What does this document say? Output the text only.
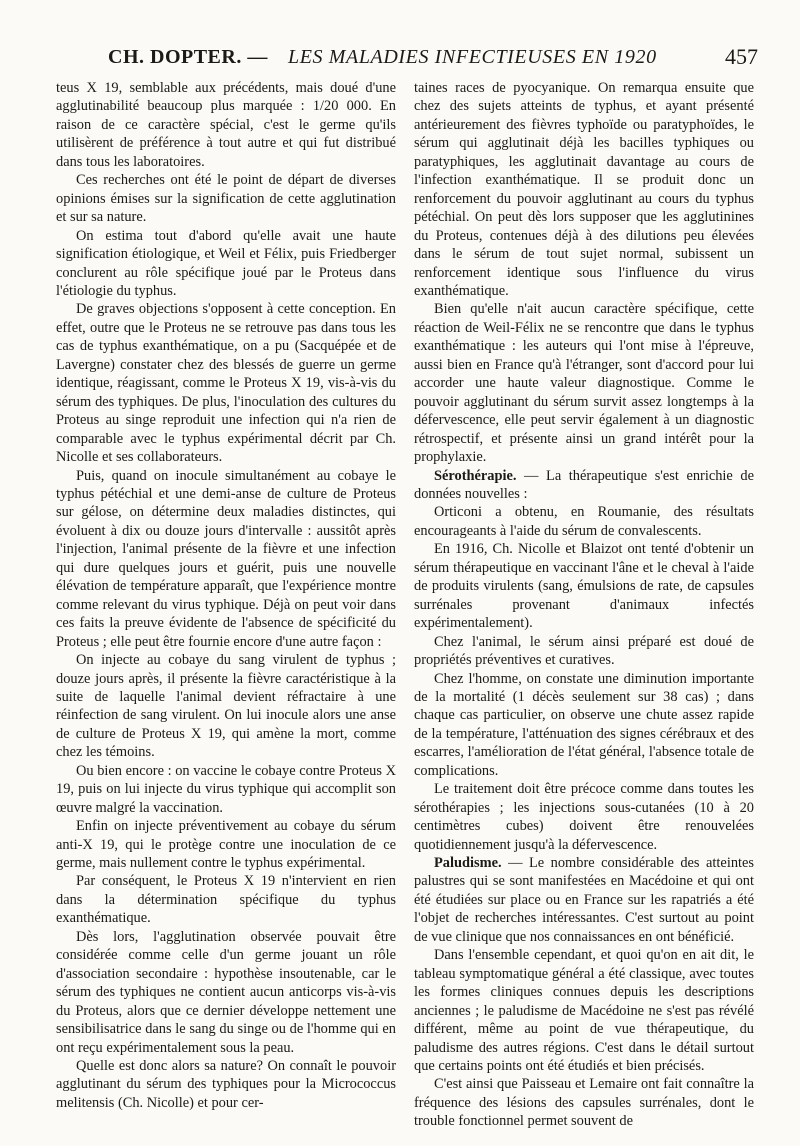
CH. DOPTER. — LES MALADIES INFECTIEUSES EN 1920	457

teus X 19, semblable aux précédents, mais doué d'une agglutinabilité beaucoup plus marquée : 1/20 000. En raison de ce caractère spécial, c'est le germe qu'ils utilisèrent de préférence à tout autre et qui fut distribué dans tous les laboratoires.

Ces recherches ont été le point de départ de diverses opinions émises sur la signification de cette agglutination et sur sa nature.

On estima tout d'abord qu'elle avait une haute signification étiologique, et Weil et Félix, puis Friedberger conclurent au rôle spécifique joué par le Proteus dans l'étiologie du typhus.

De graves objections s'opposent à cette conception. En effet, outre que le Proteus ne se retrouve pas dans tous les cas de typhus exanthématique, on a pu (Sacquépée et de Lavergne) constater chez des blessés de guerre un germe identique, réagissant, comme le Proteus X 19, vis-à-vis du sérum des typhiques. De plus, l'inoculation des cultures du Proteus au singe reproduit une infection qui n'a rien de comparable avec le typhus expérimental décrit par Ch. Nicolle et ses collaborateurs.

Puis, quand on inocule simultanément au cobaye le typhus pétéchial et une demi-anse de culture de Proteus sur gélose, on détermine deux maladies distinctes, qui évoluent à dix ou douze jours d'intervalle : aussitôt après l'injection, l'animal présente de la fièvre et une infection qui dure quelques jours et guérit, puis une nouvelle élévation de température apparaît, que l'expérience montre comme relevant du virus typhique. Déjà on peut voir dans ces faits la preuve évidente de l'absence de spécificité du Proteus ; elle peut être fournie encore d'une autre façon :

On injecte au cobaye du sang virulent de typhus ; douze jours après, il présente la fièvre caractéristique à la suite de laquelle l'animal devient réfractaire à une réinfection de sang virulent. On lui inocule alors une anse de culture de Proteus X 19, qui amène la mort, comme chez les témoins.

Ou bien encore : on vaccine le cobaye contre Proteus X 19, puis on lui injecte du virus typhique qui accomplit son œuvre malgré la vaccination.

Enfin on injecte préventivement au cobaye du sérum anti-X 19, qui le protège contre une inoculation de ce germe, mais nullement contre le typhus expérimental.

Par conséquent, le Proteus X 19 n'intervient en rien dans la détermination spécifique du typhus exanthématique.

Dès lors, l'agglutination observée pouvait être considérée comme celle d'un germe jouant un rôle d'association secondaire : hypothèse insoutenable, car le sérum des typhiques ne contient aucun anticorps vis-à-vis du Proteus, alors que ce dernier développe nettement une sensibilisatrice dans le sang du singe ou de l'homme qui en ont reçu expérimentalement sous la peau.

Quelle est donc alors sa nature? On connaît le pouvoir agglutinant du sérum des typhiques pour la Micrococcus melitensis (Ch. Nicolle) et pour cer-

taines races de pyocyanique. On remarqua ensuite que chez des sujets atteints de typhus, et ayant présenté antérieurement des fièvres typhoïde ou paratyphoïdes, le sérum qui agglutinait déjà les bacilles typhiques ou paratyphiques, les agglutinait davantage au cours de l'infection exanthématique. Il se produit donc un renforcement du pouvoir agglutinant au cours du typhus pétéchial. On peut dès lors supposer que les agglutinines du Proteus, contenues déjà à des dilutions peu élevées dans le sérum de tout sujet normal, subissent un renforcement identique sous l'influence du virus exanthématique.

Bien qu'elle n'ait aucun caractère spécifique, cette réaction de Weil-Félix ne se rencontre que dans le typhus exanthématique : les auteurs qui l'ont mise à l'épreuve, aussi bien en France qu'à l'étranger, sont d'accord pour lui accorder une haute valeur diagnostique. Comme le pouvoir agglutinant du sérum survit assez longtemps à la défervescence, elle peut servir également à un diagnostic rétrospectif, et présente ainsi un grand intérêt pour la prophylaxie.

Sérothérapie. — La thérapeutique s'est enrichie de données nouvelles :

Orticoni a obtenu, en Roumanie, des résultats encourageants à l'aide du sérum de convalescents.

En 1916, Ch. Nicolle et Blaizot ont tenté d'obtenir un sérum thérapeutique en vaccinant l'âne et le cheval à l'aide de produits virulents (sang, émulsions de rate, de capsules surrénales provenant d'animaux infectés expérimentalement).

Chez l'animal, le sérum ainsi préparé est doué de propriétés préventives et curatives.

Chez l'homme, on constate une diminution importante de la mortalité (1 décès seulement sur 38 cas) ; dans chaque cas particulier, on observe une chute assez rapide de la température, l'atténuation des signes cérébraux et des escarres, l'amélioration de l'état général, l'absence totale de complications.

Le traitement doit être précoce comme dans toutes les sérothérapies ; les injections sous-cutanées (10 à 20 centimètres cubes) doivent être renouvelées quotidiennement jusqu'à la défervescence.

Paludisme. — Le nombre considérable des atteintes palustres qui se sont manifestées en Macédoine et qui ont été étudiées sur place ou en France sur les rapatriés a été l'objet de recherches intéressantes. C'est surtout au point de vue clinique que nos connaissances en ont bénéficié.

Dans l'ensemble cependant, et quoi qu'on en ait dit, le tableau symptomatique général a été classique, avec toutes les formes cliniques connues depuis les descriptions anciennes ; le paludisme de Macédoine ne s'est pas révélé différent, même au point de vue thérapeutique, du paludisme des autres régions. C'est dans le détail surtout que certains points ont été étudiés et bien précisés.

C'est ainsi que Paisseau et Lemaire ont fait connaître la fréquence des lésions des capsules surrénales, dont le trouble fonctionnel permet souvent de
